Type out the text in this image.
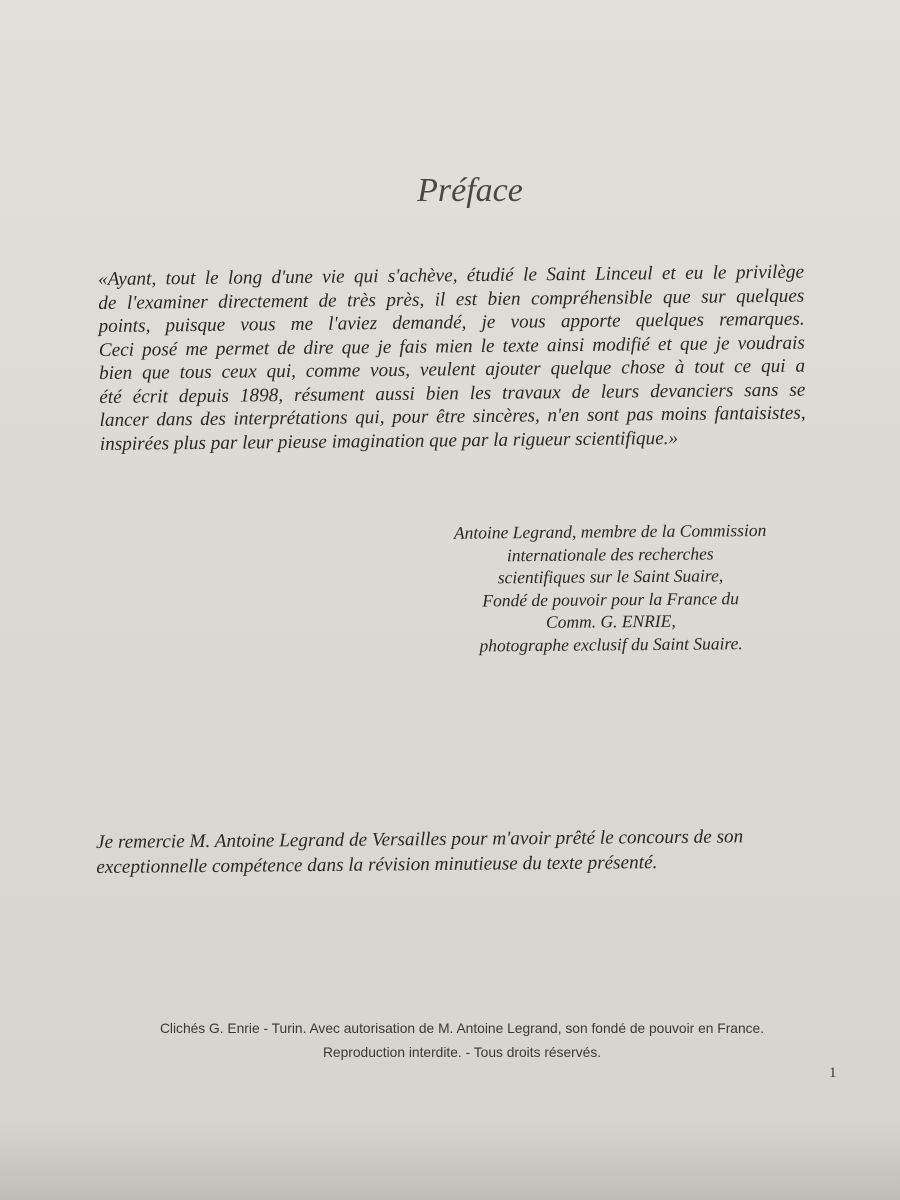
Préface
«Ayant, tout le long d'une vie qui s'achève, étudié le Saint Linceul et eu le privilège
de l'examiner directement de très près, il est bien compréhensible que sur quelques
points, puisque vous me l'aviez demandé, je vous apporte quelques remarques.
Ceci posé me permet de dire que je fais mien le texte ainsi modifié et que je voudrais
bien que tous ceux qui, comme vous, veulent ajouter quelque chose à tout ce qui a
été écrit depuis 1898, résument aussi bien les travaux de leurs devanciers sans se
lancer dans des interprétations qui, pour être sincères, n'en sont pas moins fantaisistes,
inspirées plus par leur pieuse imagination que par la rigueur scientifique.»
Antoine Legrand, membre de la Commission
internationale des recherches
scientifiques sur le Saint Suaire,
Fondé de pouvoir pour la France du
Comm. G. ENRIE,
photographe exclusif du Saint Suaire.
Je remercie M. Antoine Legrand de Versailles pour m'avoir prêté le concours de son
exceptionnelle compétence dans la révision minutieuse du texte présenté.
Clichés G. Enrie - Turin. Avec autorisation de M. Antoine Legrand, son fondé de pouvoir en France.
Reproduction interdite. - Tous droits réservés.
1
